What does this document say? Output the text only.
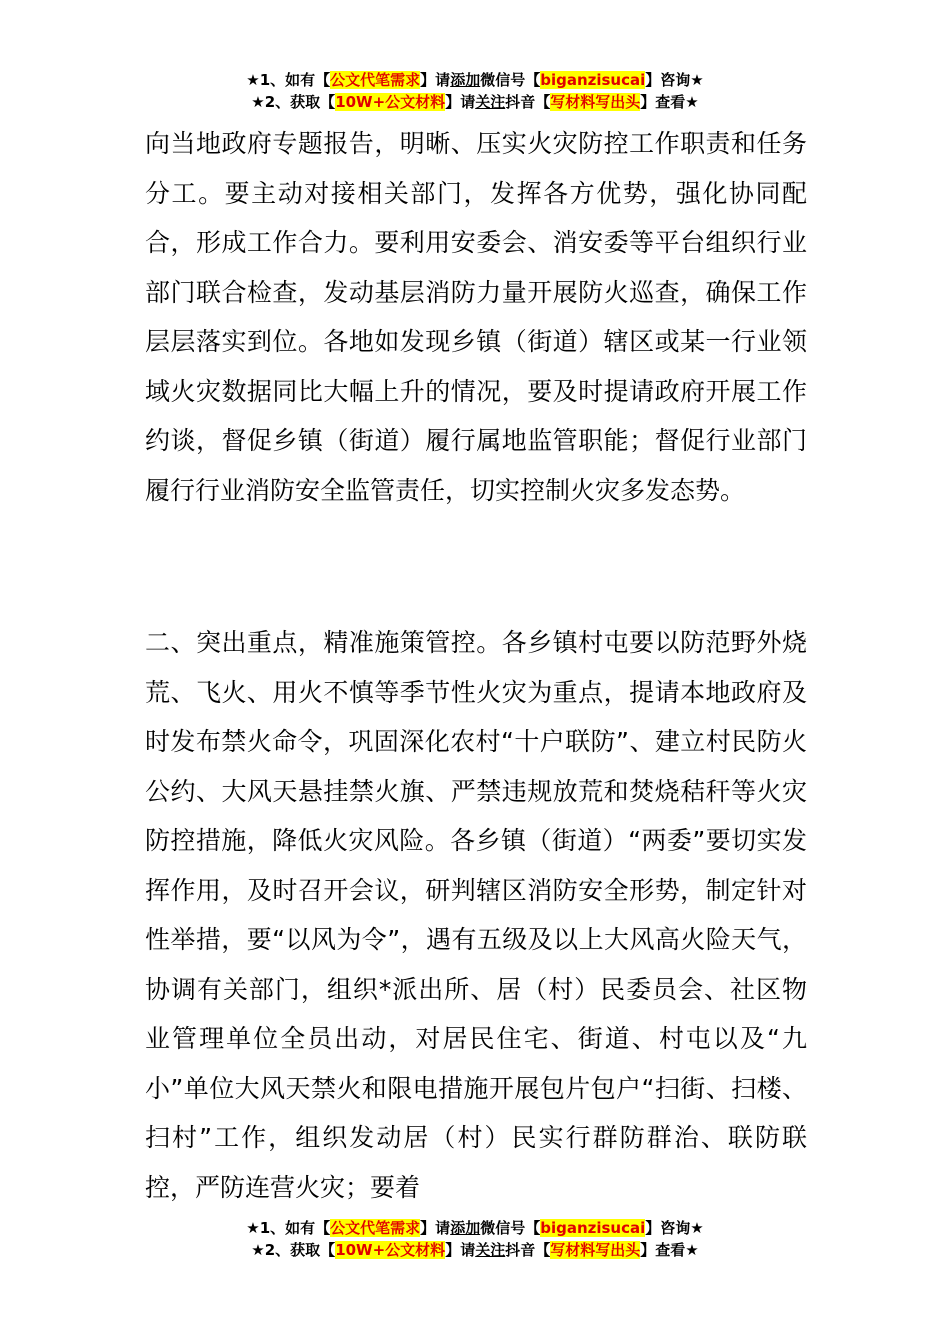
★1、如有【公文代笔需求】请添加微信号【biganzisucai】咨询★
★2、获取【10W+公文材料】请关注抖音【写材料写出头】查看★

向当地政府专题报告，明晰、压实火灾防控工作职责和任务分工。要主动对接相关部门，发挥各方优势，强化协同配合，形成工作合力。要利用安委会、消安委等平台组织行业部门联合检查，发动基层消防力量开展防火巡查，确保工作层层落实到位。各地如发现乡镇（街道）辖区或某一行业领域火灾数据同比大幅上升的情况，要及时提请政府开展工作约谈，督促乡镇（街道）履行属地监管职能；督促行业部门履行行业消防安全监管责任，切实控制火灾多发态势。

二、突出重点，精准施策管控。各乡镇村屯要以防范野外烧荒、飞火、用火不慎等季节性火灾为重点，提请本地政府及时发布禁火命令，巩固深化农村“十户联防”、建立村民防火公约、大风天悬挂禁火旗、严禁违规放荒和焚烧秸秆等火灾防控措施，降低火灾风险。各乡镇（街道）“两委”要切实发挥作用，及时召开会议，研判辖区消防安全形势，制定针对性举措，要“以风为令”，遇有五级及以上大风高火险天气，协调有关部门，组织*派出所、居（村）民委员会、社区物业管理单位全员出动，对居民住宅、街道、村屯以及“九小”单位大风天禁火和限电措施开展包片包户“扫街、扫楼、扫村”工作，组织发动居（村）民实行群防群治、联防联控，严防连营火灾；要着

★1、如有【公文代笔需求】请添加微信号【biganzisucai】咨询★
★2、获取【10W+公文材料】请关注抖音【写材料写出头】查看★
